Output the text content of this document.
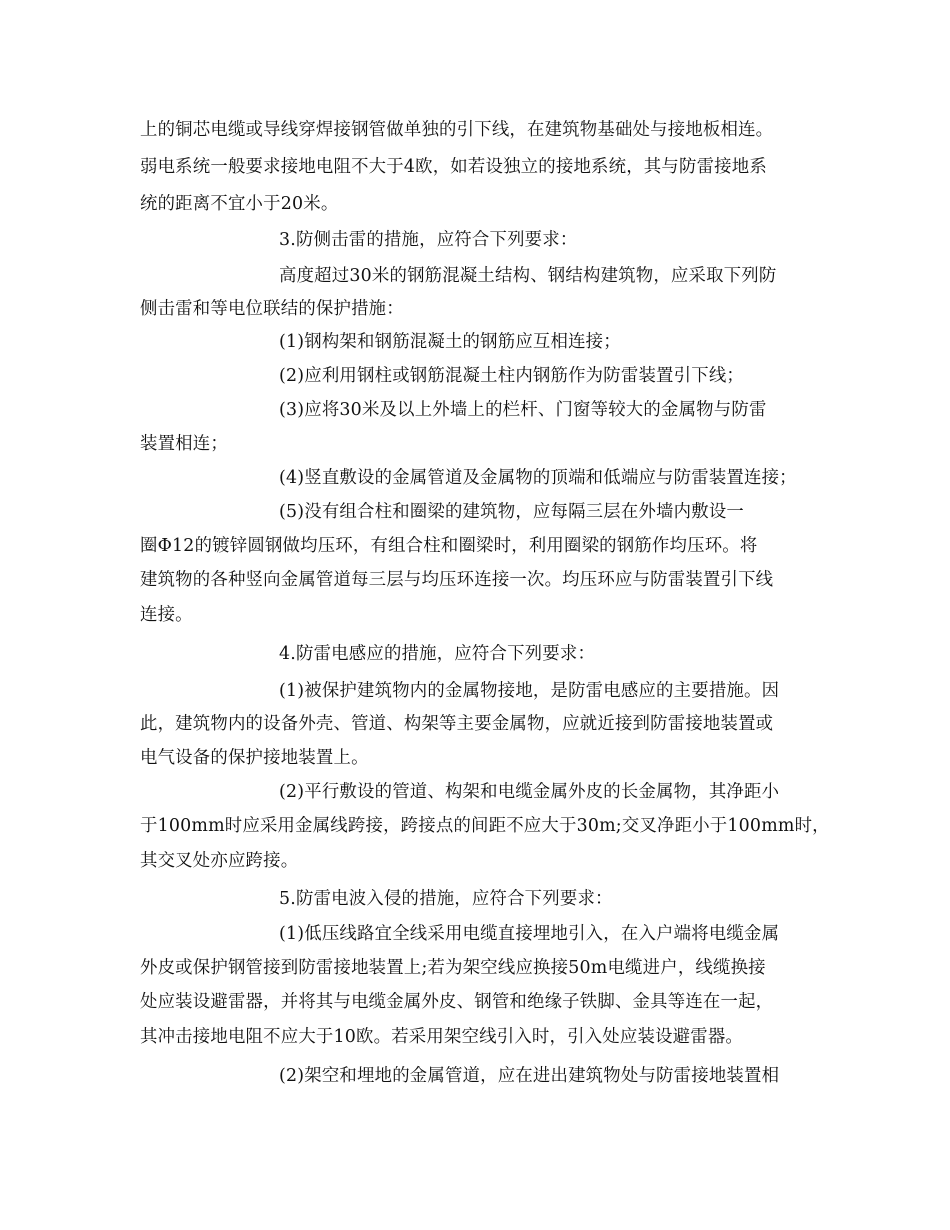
上的铜芯电缆或导线穿焊接钢管做单独的引下线，在建筑物基础处与接地板相连。
弱电系统一般要求接地电阻不大于4欧，如若设独立的接地系统，其与防雷接地系
统的距离不宜小于20米。
3.防侧击雷的措施，应符合下列要求：
高度超过30米的钢筋混凝土结构、钢结构建筑物，应采取下列防
侧击雷和等电位联结的保护措施：
(1)钢构架和钢筋混凝土的钢筋应互相连接；
(2)应利用钢柱或钢筋混凝土柱内钢筋作为防雷装置引下线；
(3)应将30米及以上外墙上的栏杆、门窗等较大的金属物与防雷
装置相连；
(4)竖直敷设的金属管道及金属物的顶端和低端应与防雷装置连接；
(5)没有组合柱和圈梁的建筑物，应每隔三层在外墙内敷设一
圈Φ12的镀锌圆钢做均压环，有组合柱和圈梁时，利用圈梁的钢筋作均压环。将
建筑物的各种竖向金属管道每三层与均压环连接一次。均压环应与防雷装置引下线
连接。
4.防雷电感应的措施，应符合下列要求：
(1)被保护建筑物内的金属物接地，是防雷电感应的主要措施。因
此，建筑物内的设备外壳、管道、构架等主要金属物，应就近接到防雷接地装置或
电气设备的保护接地装置上。
(2)平行敷设的管道、构架和电缆金属外皮的长金属物，其净距小
于100mm时应采用金属线跨接，跨接点的间距不应大于30m;交叉净距小于100mm时，
其交叉处亦应跨接。
5.防雷电波入侵的措施，应符合下列要求：
(1)低压线路宜全线采用电缆直接埋地引入，在入户端将电缆金属
外皮或保护钢管接到防雷接地装置上;若为架空线应换接50m电缆进户，线缆换接
处应装设避雷器，并将其与电缆金属外皮、钢管和绝缘子铁脚、金具等连在一起，
其冲击接地电阻不应大于10欧。若采用架空线引入时，引入处应装设避雷器。
(2)架空和埋地的金属管道，应在进出建筑物处与防雷接地装置相
